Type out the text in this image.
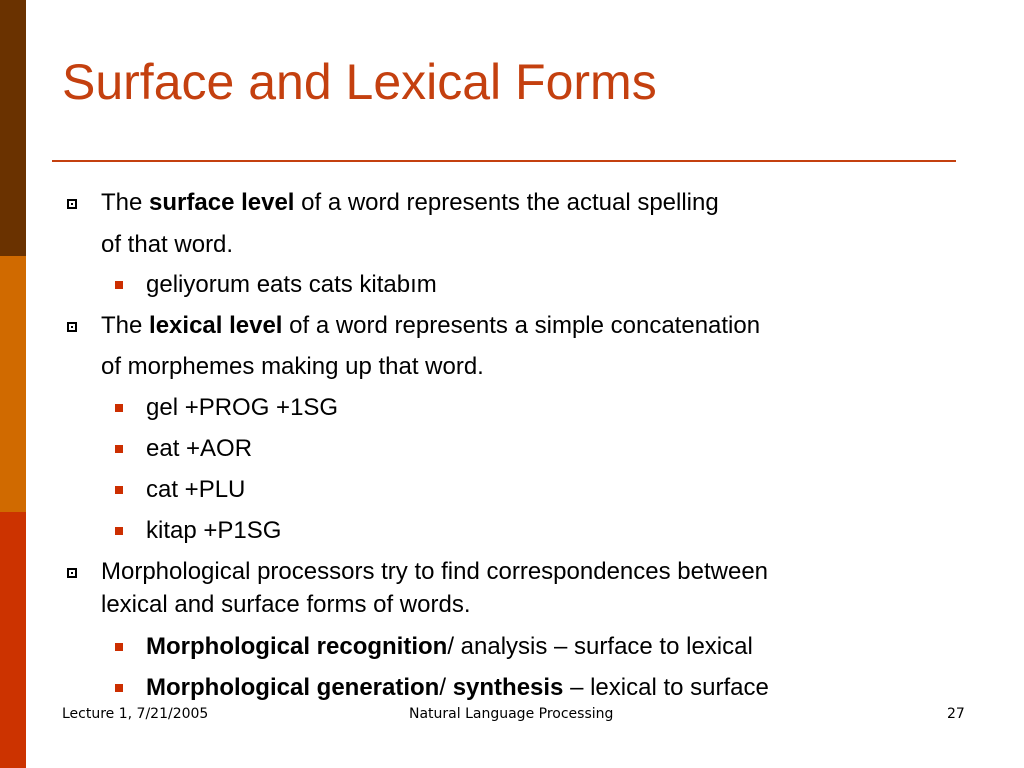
Surface and Lexical Forms
The surface level of a word represents the actual spelling
of that word.
geliyorum eats cats kitabım
The lexical level of a word represents a simple concatenation
of morphemes making up that word.
gel +PROG +1SG
eat +AOR
cat +PLU
kitap +P1SG
Morphological processors try to find correspondences between
lexical and surface forms of words.
Morphological recognition/ analysis – surface to lexical
Morphological generation/ synthesis – lexical to surface
Lecture 1, 7/21/2005	Natural Language Processing	27
